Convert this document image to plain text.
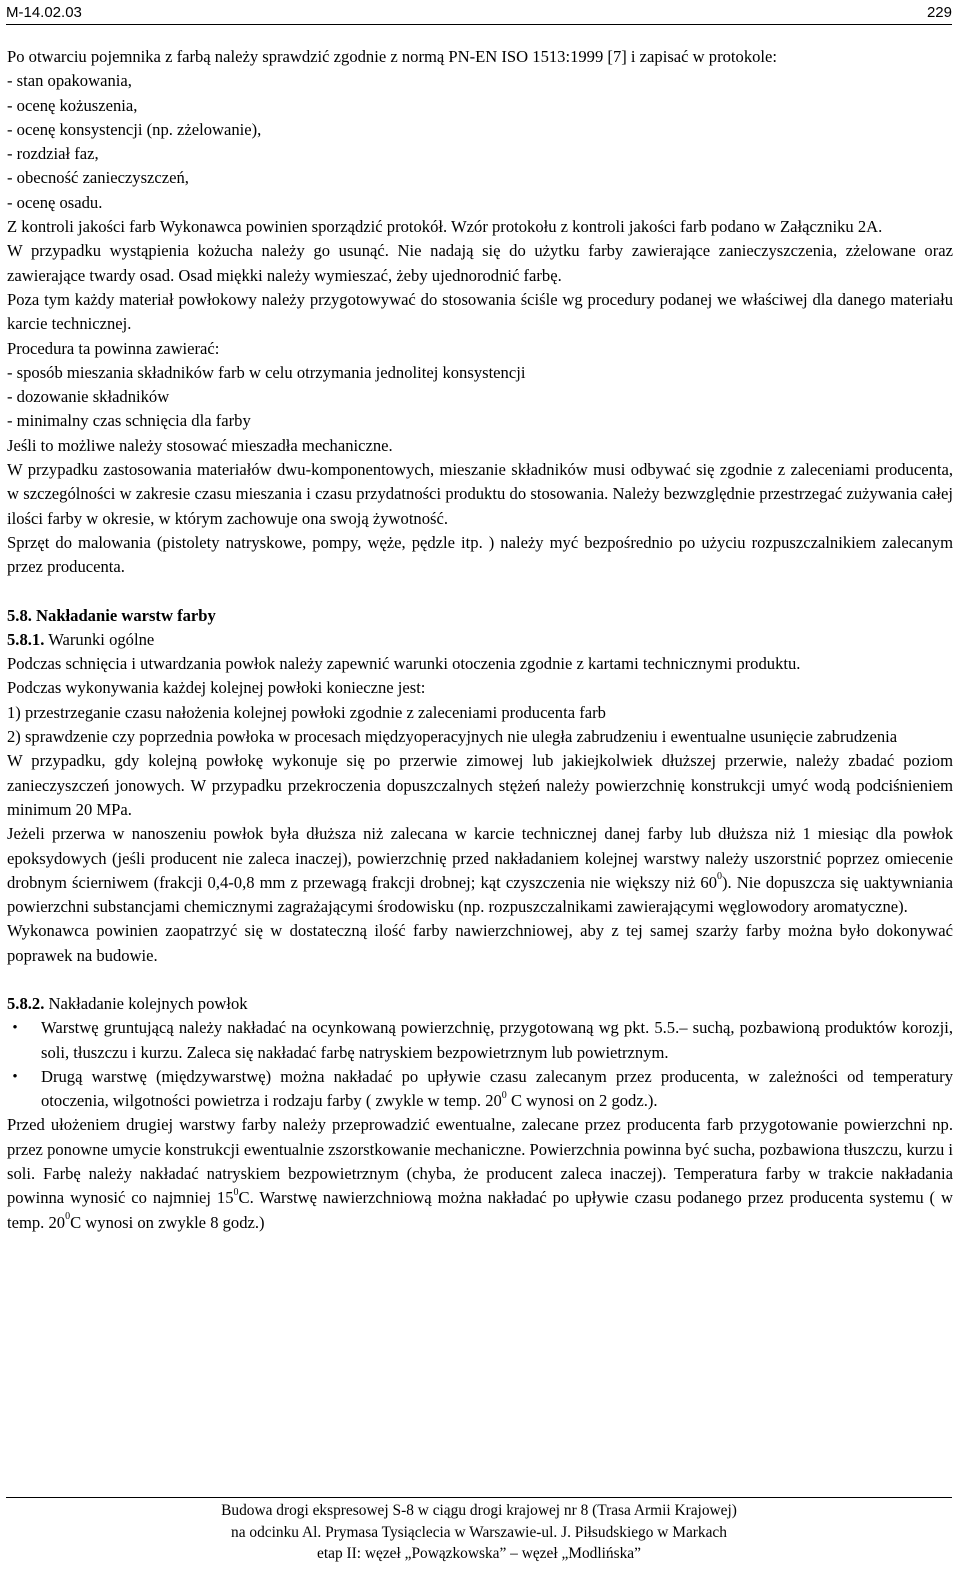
M-14.02.03	229

Po otwarciu pojemnika z farbą należy sprawdzić zgodnie z normą PN-EN ISO 1513:1999 [7] i zapisać w protokole:

- stan opakowania,

- ocenę kożuszenia,

- ocenę konsystencji (np. zżelowanie),

- rozdział faz,

- obecność zanieczyszczeń,

- ocenę osadu.

Z kontroli jakości farb Wykonawca powinien sporządzić protokół. Wzór protokołu z kontroli jakości farb podano w Załączniku 2A.

W przypadku wystąpienia kożucha należy go usunąć. Nie nadają się do użytku farby zawierające zanieczyszczenia, zżelowane oraz zawierające twardy osad. Osad miękki należy wymieszać, żeby ujednorodnić farbę.

Poza tym każdy materiał powłokowy należy przygotowywać do stosowania ściśle wg procedury podanej we właściwej dla danego materiału karcie technicznej.

Procedura ta powinna zawierać:

- sposób mieszania składników farb w celu otrzymania jednolitej konsystencji

- dozowanie składników

- minimalny czas schnięcia dla farby

Jeśli to możliwe należy stosować mieszadła mechaniczne.

W przypadku zastosowania materiałów dwu-komponentowych, mieszanie składników musi odbywać się zgodnie z zaleceniami producenta, w szczególności w zakresie czasu mieszania i czasu przydatności produktu do stosowania. Należy bezwzględnie przestrzegać zużywania całej ilości farby w okresie, w którym zachowuje ona swoją żywotność.

Sprzęt do malowania (pistolety natryskowe, pompy, węże, pędzle itp. ) należy myć bezpośrednio po użyciu rozpuszczalnikiem zalecanym przez producenta.

5.8. Nakładanie warstw farby

5.8.1. Warunki ogólne

Podczas schnięcia i utwardzania powłok należy zapewnić warunki otoczenia zgodnie z kartami technicznymi produktu.

Podczas wykonywania każdej kolejnej powłoki konieczne jest:

1) przestrzeganie czasu nałożenia kolejnej powłoki zgodnie z zaleceniami producenta farb

2) sprawdzenie czy poprzednia powłoka w procesach międzyoperacyjnych nie uległa zabrudzeniu i ewentualne usunięcie zabrudzenia

W przypadku, gdy kolejną powłokę wykonuje się po przerwie zimowej lub jakiejkolwiek dłuższej przerwie, należy zbadać poziom zanieczyszczeń jonowych. W przypadku przekroczenia dopuszczalnych stężeń należy powierzchnię konstrukcji umyć wodą podciśnieniem minimum 20 MPa.

Jeżeli przerwa w nanoszeniu powłok była dłuższa niż zalecana w karcie technicznej danej farby lub dłuższa niż 1 miesiąc dla powłok epoksydowych (jeśli producent nie zaleca inaczej), powierzchnię przed nakładaniem kolejnej warstwy należy uszorstnić poprzez omiecenie drobnym ścierniwem (frakcji 0,4-0,8 mm z przewagą frakcji drobnej; kąt czyszczenia nie większy niż $60^0$). Nie dopuszcza się uaktywniania powierzchni substancjami chemicznymi zagrażającymi środowisku (np. rozpuszczalnikami zawierającymi węglowodory aromatyczne).

Wykonawca powinien zaopatrzyć się w dostateczną ilość farby nawierzchniowej, aby z tej samej szarży farby można było dokonywać poprawek na budowie.

5.8.2. Nakładanie kolejnych powłok

•	Warstwę gruntującą należy nakładać na ocynkowaną powierzchnię, przygotowaną wg pkt. 5.5.– suchą, pozbawioną produktów korozji, soli, tłuszczu i kurzu. Zaleca się nakładać farbę natryskiem bezpowietrznym lub powietrznym.

•	Drugą warstwę (międzywarstwę) można nakładać po upływie czasu zalecanym przez producenta, w zależności od temperatury otoczenia, wilgotności powietrza i rodzaju farby ( zwykle w temp. $20^0$ C wynosi on 2 godz.).

Przed ułożeniem drugiej warstwy farby należy przeprowadzić ewentualne, zalecane przez producenta farb przygotowanie powierzchni np. przez ponowne umycie konstrukcji ewentualnie zszorstkowanie mechaniczne. Powierzchnia powinna być sucha, pozbawiona tłuszczu, kurzu i soli. Farbę należy nakładać natryskiem bezpowietrznym (chyba, że producent zaleca inaczej). Temperatura farby w trakcie nakładania powinna wynosić co najmniej $15^0C$. Warstwę nawierzchniową można nakładać po upływie czasu podanego przez producenta systemu ( w temp. $20^0C$ wynosi on zwykle 8 godz.)

Budowa drogi ekspresowej S-8 w ciągu drogi krajowej nr 8 (Trasa Armii Krajowej)
na odcinku Al. Prymasa Tysiąclecia w Warszawie-ul. J. Piłsudskiego w Markach
etap II: węzeł „Powązkowska” – węzeł „Modlińska”
